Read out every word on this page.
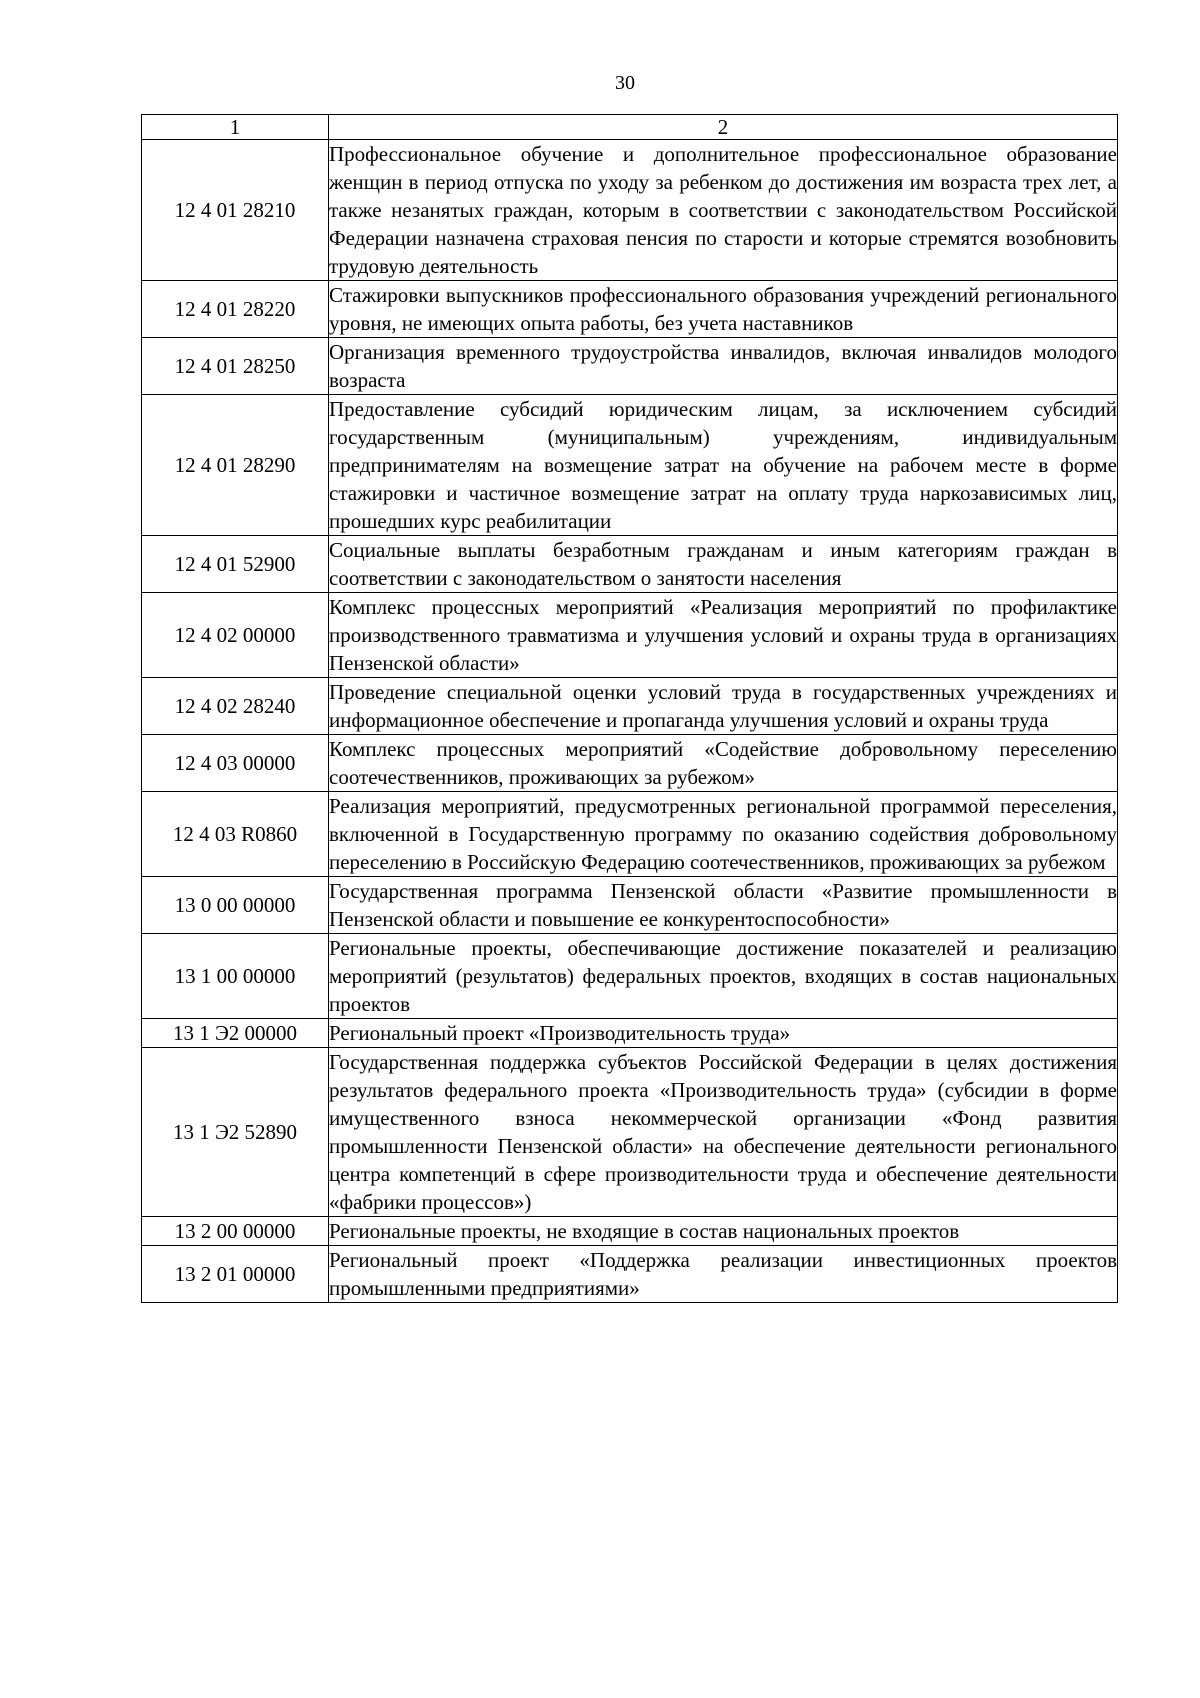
30
1	2
12 4 01 28210	Профессиональное обучение и дополнительное профессиональное образование женщин в период отпуска по уходу за ребенком до достижения им возраста трех лет, а также незанятых граждан, которым в соответствии с законодательством Российской Федерации назначена страховая пенсия по старости и которые стремятся возобновить трудовую деятельность
12 4 01 28220	Стажировки выпускников профессионального образования учреждений регионального уровня, не имеющих опыта работы, без учета наставников
12 4 01 28250	Организация временного трудоустройства инвалидов, включая инвалидов молодого возраста
12 4 01 28290	Предоставление субсидий юридическим лицам, за исключением субсидий государственным (муниципальным) учреждениям, индивидуальным предпринимателям на возмещение затрат на обучение на рабочем месте в форме стажировки и частичное возмещение затрат на оплату труда наркозависимых лиц, прошедших курс реабилитации
12 4 01 52900	Социальные выплаты безработным гражданам и иным категориям граждан в соответствии с законодательством о занятости населения
12 4 02 00000	Комплекс процессных мероприятий «Реализация мероприятий по профилактике производственного травматизма и улучшения условий и охраны труда в организациях Пензенской области»
12 4 02 28240	Проведение специальной оценки условий труда в государственных учреждениях и информационное обеспечение и пропаганда улучшения условий и охраны труда
12 4 03 00000	Комплекс процессных мероприятий «Содействие добровольному переселению соотечественников, проживающих за рубежом»
12 4 03 R0860	Реализация мероприятий, предусмотренных региональной программой переселения, включенной в Государственную программу по оказанию содействия добровольному переселению в Российскую Федерацию соотечественников, проживающих за рубежом
13 0 00 00000	Государственная программа Пензенской области «Развитие промышленности в Пензенской области и повышение ее конкурентоспособности»
13 1 00 00000	Региональные проекты, обеспечивающие достижение показателей и реализацию мероприятий (результатов) федеральных проектов, входящих в состав национальных проектов
13 1 Э2 00000	Региональный проект «Производительность труда»
13 1 Э2 52890	Государственная поддержка субъектов Российской Федерации в целях достижения результатов федерального проекта «Производительность труда» (субсидии в форме имущественного взноса некоммерческой организации «Фонд развития промышленности Пензенской области» на обеспечение деятельности регионального центра компетенций в сфере производительности труда и обеспечение деятельности «фабрики процессов»)
13 2 00 00000	Региональные проекты, не входящие в состав национальных проектов
13 2 01 00000	Региональный проект «Поддержка реализации инвестиционных проектов промышленными предприятиями»
